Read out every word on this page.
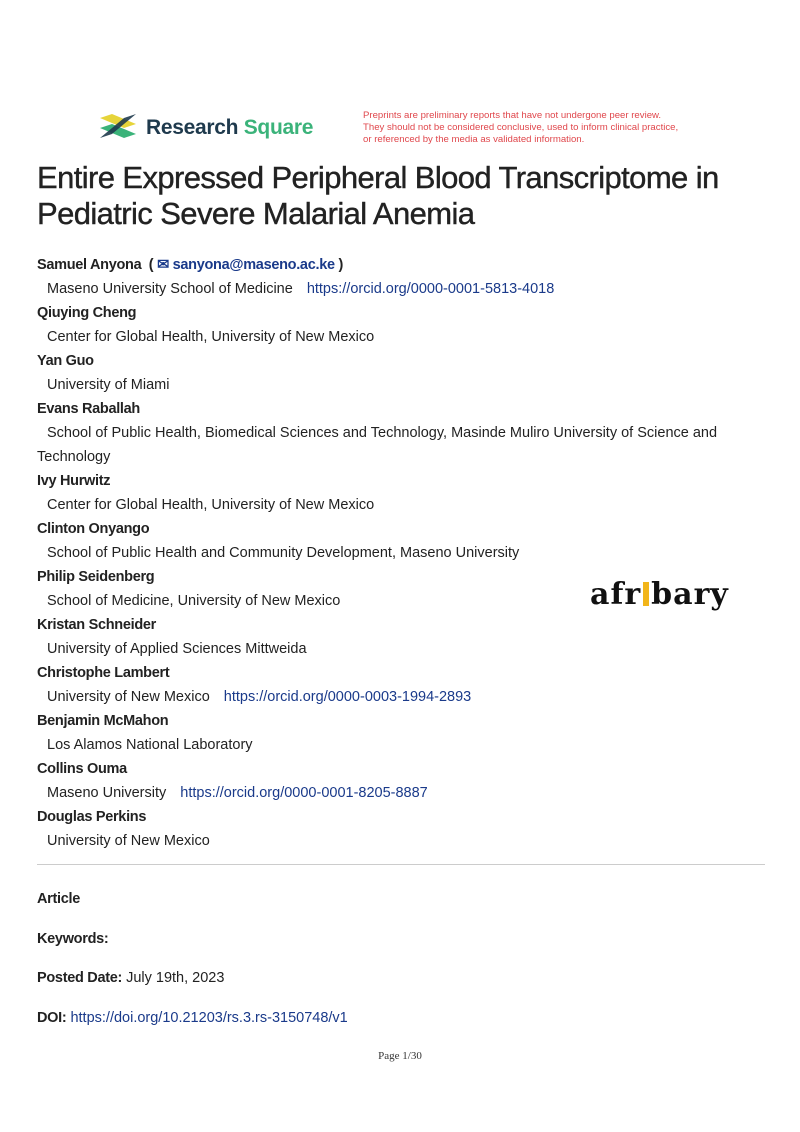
Research Square
Preprints are preliminary reports that have not undergone peer review.
They should not be considered conclusive, used to inform clinical practice,
or referenced by the media as validated information.
Entire Expressed Peripheral Blood Transcriptome in Pediatric Severe Malarial Anemia
Samuel Anyona  ( ✉ sanyona@maseno.ac.ke )
Maseno University School of Medicine https://orcid.org/0000-0001-5813-4018
Qiuying Cheng
Center for Global Health, University of New Mexico
Yan Guo
University of Miami
Evans Raballah
School of Public Health, Biomedical Sciences and Technology, Masinde Muliro University of Science and Technology
Ivy Hurwitz
Center for Global Health, University of New Mexico
Clinton Onyango
School of Public Health and Community Development, Maseno University
Philip Seidenberg
School of Medicine, University of New Mexico
Kristan Schneider
University of Applied Sciences Mittweida
Christophe Lambert
University of New Mexico https://orcid.org/0000-0003-1994-2893
Benjamin McMahon
Los Alamos National Laboratory
Collins Ouma
Maseno University https://orcid.org/0000-0001-8205-8887
Douglas Perkins
University of New Mexico
afr bary
Article
Keywords:
Posted Date: July 19th, 2023
DOI: https://doi.org/10.21203/rs.3.rs-3150748/v1
Page 1/30
